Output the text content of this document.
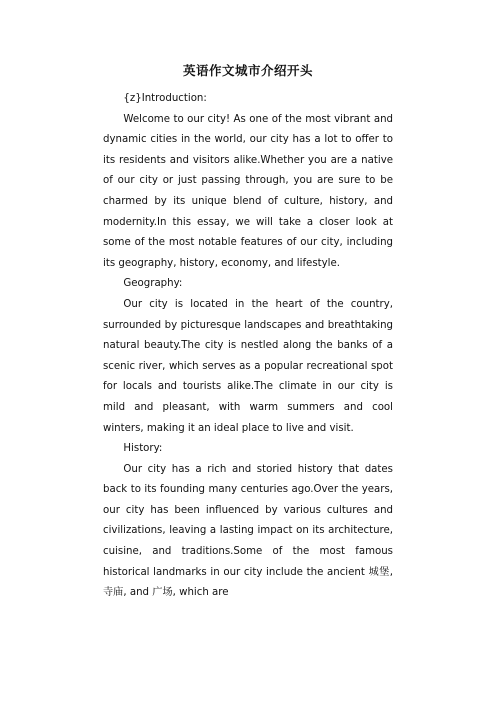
英语作文城市介绍开头

{z}Introduction:

Welcome to our city! As one of the most vibrant and dynamic cities in the world, our city has a lot to offer to its residents and visitors alike.Whether you are a native of our city or just passing through, you are sure to be charmed by its unique blend of culture, history, and modernity.In this essay, we will take a closer look at some of the most notable features of our city, including its geography, history, economy, and lifestyle.

Geography:

Our city is located in the heart of the country, surrounded by picturesque landscapes and breathtaking natural beauty.The city is nestled along the banks of a scenic river, which serves as a popular recreational spot for locals and tourists alike.The climate in our city is mild and pleasant, with warm summers and cool winters, making it an ideal place to live and visit.

History:

Our city has a rich and storied history that dates back to its founding many centuries ago.Over the years, our city has been influenced by various cultures and civilizations, leaving a lasting impact on its architecture, cuisine, and traditions.Some of the most famous historical landmarks in our city include the ancient 城堡, 寺庙, and 广场, which are
